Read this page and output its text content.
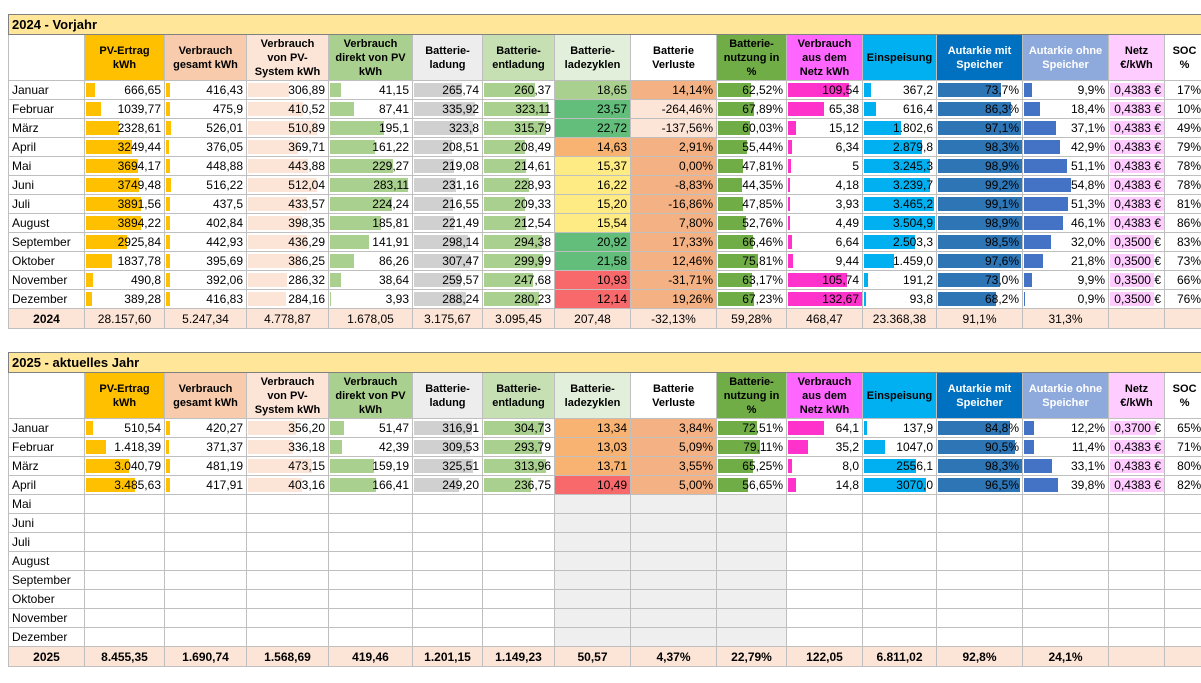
2024 - Vorjahr															
	PV-Ertrag kWh	Verbrauch gesamt kWh	Verbrauch von PV-System kWh	Verbrauch direkt von PV kWh	Batterie-ladung	Batterie-entladung	Batterie-ladezyklen	Batterie Verluste	Batterie-nutzung in %	Verbrauch aus dem Netz kWh	Einspeisung	Autarkie mit Speicher	Autarkie ohne Speicher	Netz €/kWh	SOC %
Januar	666,65	416,43	306,89	41,15	265,74	260,37	18,65	14,14%	62,52%	109,54	367,2	73,7%	9,9%	0,4383 €	17%
Februar	1039,77	475,9	410,52	87,41	335,92	323,11	23,57	-264,46%	67,89%	65,38	616,4	86,3%	18,4%	0,4383 €	10%
März	2328,61	526,01	510,89	195,1	323,8	315,79	22,72	-137,56%	60,03%	15,12	1.802,6	97,1%	37,1%	0,4383 €	49%
April	3249,44	376,05	369,71	161,22	208,51	208,49	14,63	2,91%	55,44%	6,34	2.879,8	98,3%	42,9%	0,4383 €	79%
Mai	3694,17	448,88	443,88	229,27	219,08	214,61	15,37	0,00%	47,81%	5	3.245,3	98,9%	51,1%	0,4383 €	78%
Juni	3749,48	516,22	512,04	283,11	231,16	228,93	16,22	-8,83%	44,35%	4,18	3.239,7	99,2%	54,8%	0,4383 €	78%
Juli	3891,56	437,5	433,57	224,24	216,55	209,33	15,20	-16,86%	47,85%	3,93	3.465,2	99,1%	51,3%	0,4383 €	81%
August	3894,22	402,84	398,35	185,81	221,49	212,54	15,54	7,80%	52,76%	4,49	3.504,9	98,9%	46,1%	0,4383 €	86%
September	2925,84	442,93	436,29	141,91	298,14	294,38	20,92	17,33%	66,46%	6,64	2.503,3	98,5%	32,0%	0,3500 €	83%
Oktober	1837,78	395,69	386,25	86,26	307,47	299,99	21,58	12,46%	75,81%	9,44	1.459,0	97,6%	21,8%	0,3500 €	73%
November	490,8	392,06	286,32	38,64	259,57	247,68	10,93	-31,71%	63,17%	105,74	191,2	73,0%	9,9%	0,3500 €	66%
Dezember	389,28	416,83	284,16	3,93	288,24	280,23	12,14	19,26%	67,23%	132,67	93,8	68,2%	0,9%	0,3500 €	76%
2024	28.157,60	5.247,34	4.778,87	1.678,05	3.175,67	3.095,45	207,48	-32,13%	59,28%	468,47	23.368,38	91,1%	31,3%		
2025 - aktuelles Jahr															
	PV-Ertrag kWh	Verbrauch gesamt kWh	Verbrauch von PV-System kWh	Verbrauch direkt von PV kWh	Batterie-ladung	Batterie-entladung	Batterie-ladezyklen	Batterie Verluste	Batterie-nutzung in %	Verbrauch aus dem Netz kWh	Einspeisung	Autarkie mit Speicher	Autarkie ohne Speicher	Netz €/kWh	SOC %
Januar	510,54	420,27	356,20	51,47	316,91	304,73	13,34	3,84%	72,51%	64,1	137,9	84,8%	12,2%	0,3700 €	65%
Februar	1.418,39	371,37	336,18	42,39	309,53	293,79	13,03	5,09%	79,11%	35,2	1047,0	90,5%	11,4%	0,4383 €	71%
März	3.040,79	481,19	473,15	159,19	325,51	313,96	13,71	3,55%	65,25%	8,0	2556,1	98,3%	33,1%	0,4383 €	80%
April	3.485,63	417,91	403,16	166,41	249,20	236,75	10,49	5,00%	56,65%	14,8	3070,0	96,5%	39,8%	0,4383 €	82%
Mai															
Juni															
Juli															
August															
September															
Oktober															
November															
Dezember															
2025	8.455,35	1.690,74	1.568,69	419,46	1.201,15	1.149,23	50,57	4,37%	22,79%	122,05	6.811,02	92,8%	24,1%		
